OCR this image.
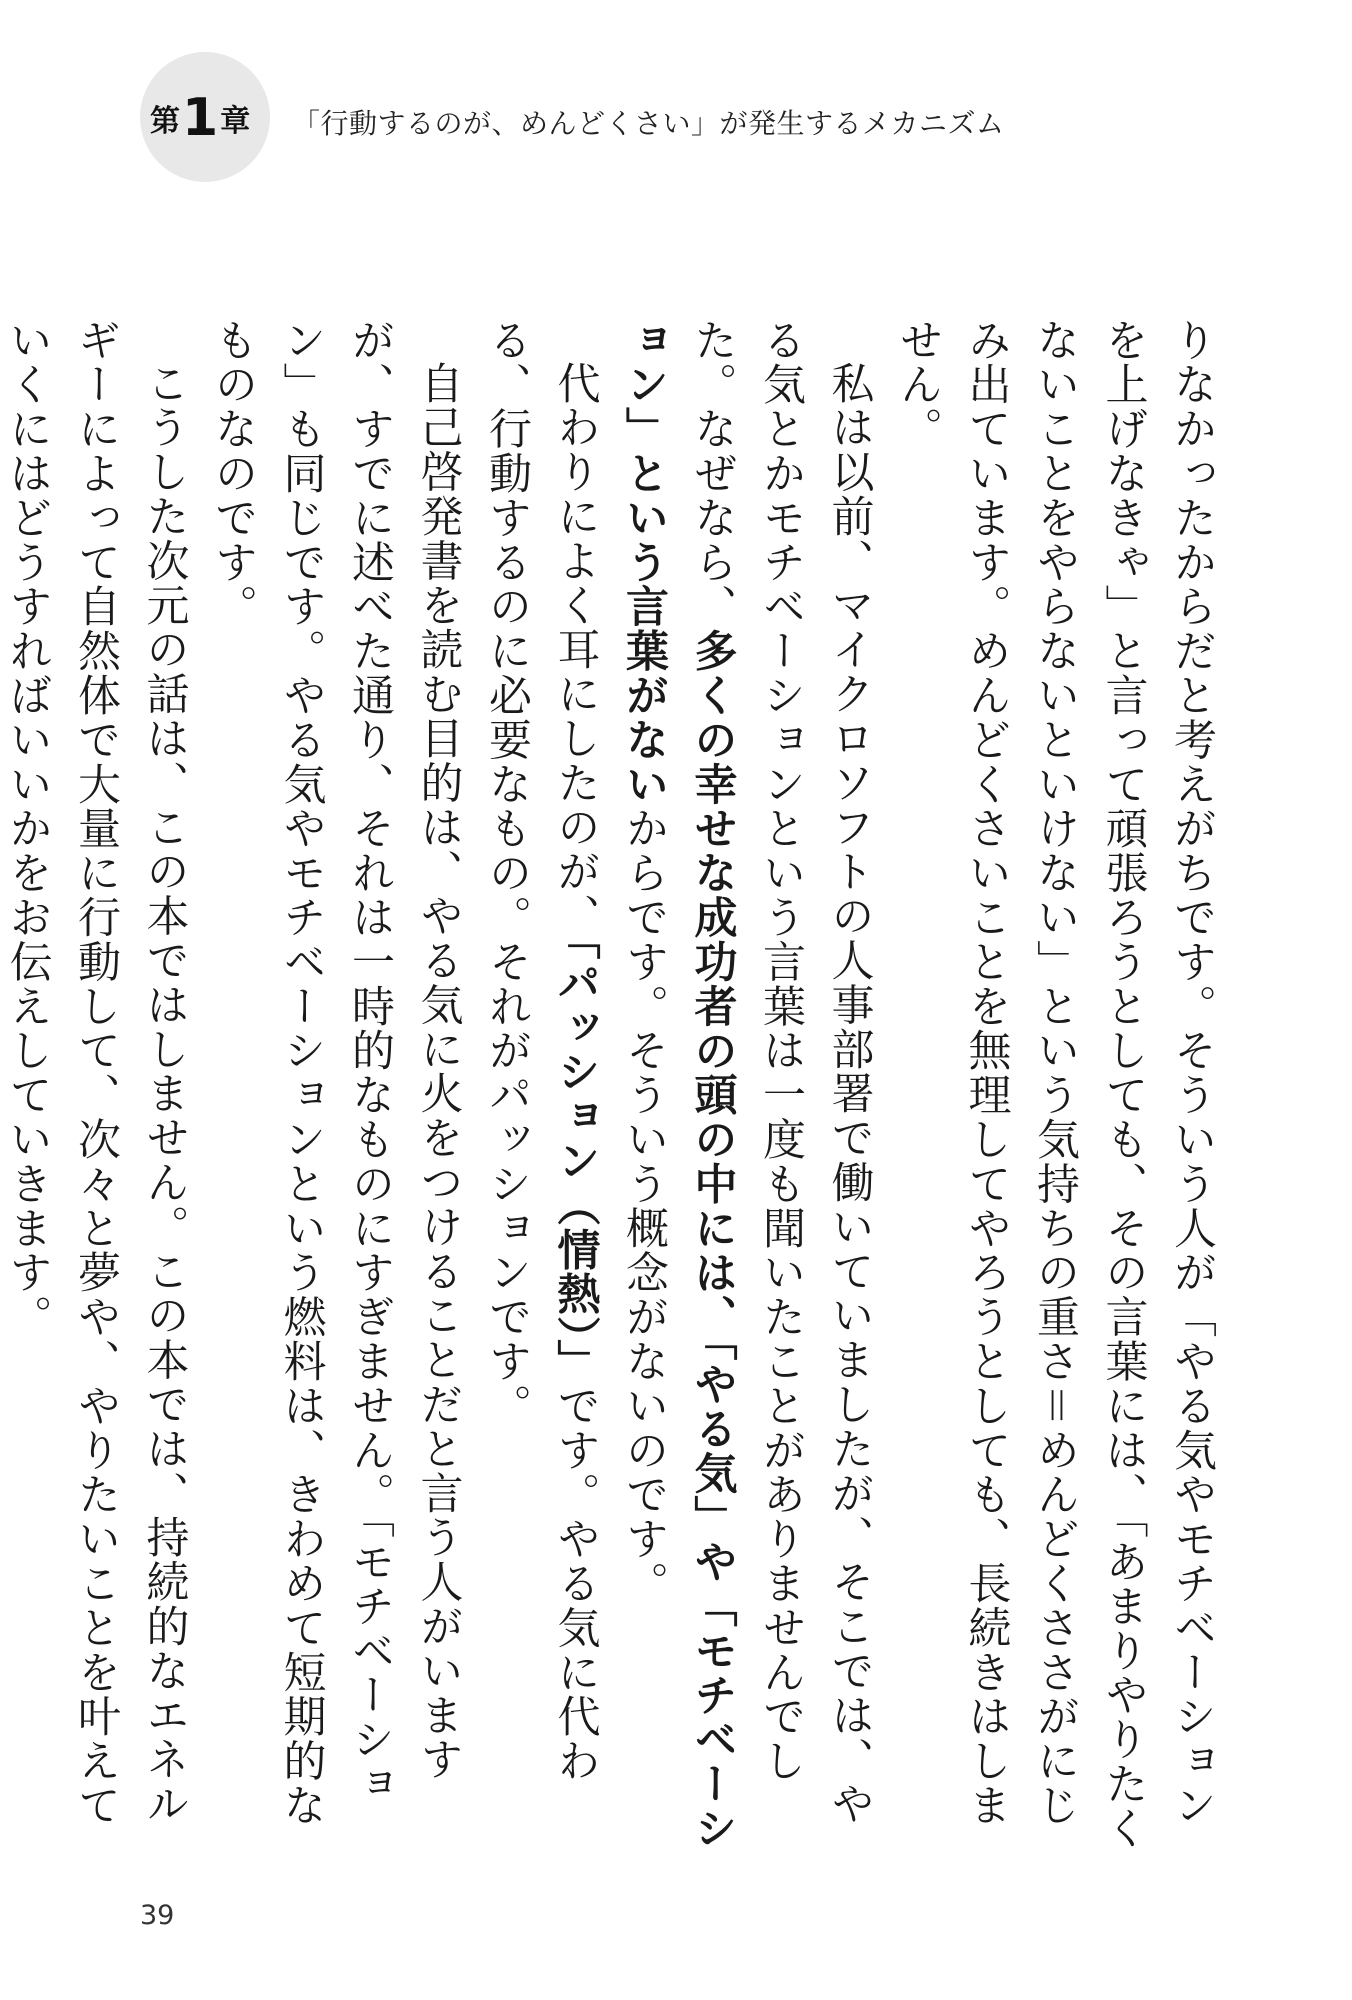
第1章 「行動するのが、めんどくさい」が発生するメカニズム

りなかったからだと考えがちです。そういう人が「やる気やモチベーションを上げなきゃ」と言って頑張ろうとしても、その言葉には、「あまりやりたくないことをやらないといけない」という気持ちの重さ＝めんどくささがにじみ出ています。めんどくさいことを無理してやろうとしても、長続きはしません。

私は以前、マイクロソフトの人事部署で働いていましたが、そこでは、やる気とかモチベーションという言葉は一度も聞いたことがありませんでした。なぜなら、多くの幸せな成功者の頭の中には、「やる気」や「モチベーション」という言葉がないからです。そういう概念がないのです。

代わりによく耳にしたのが、「パッション（情熱）」です。やる気に代わる、行動するのに必要なもの。それがパッションです。

自己啓発書を読む目的は、やる気に火をつけることだと言う人がいますが、すでに述べた通り、それは一時的なものにすぎません。「モチベーション」も同じです。やる気やモチベーションという燃料は、きわめて短期的なものなのです。

こうした次元の話は、この本ではしません。この本では、持続的なエネルギーによって自然体で大量に行動して、次々と夢や、やりたいことを叶えていくにはどうすればいいかをお伝えしていきます。

39
